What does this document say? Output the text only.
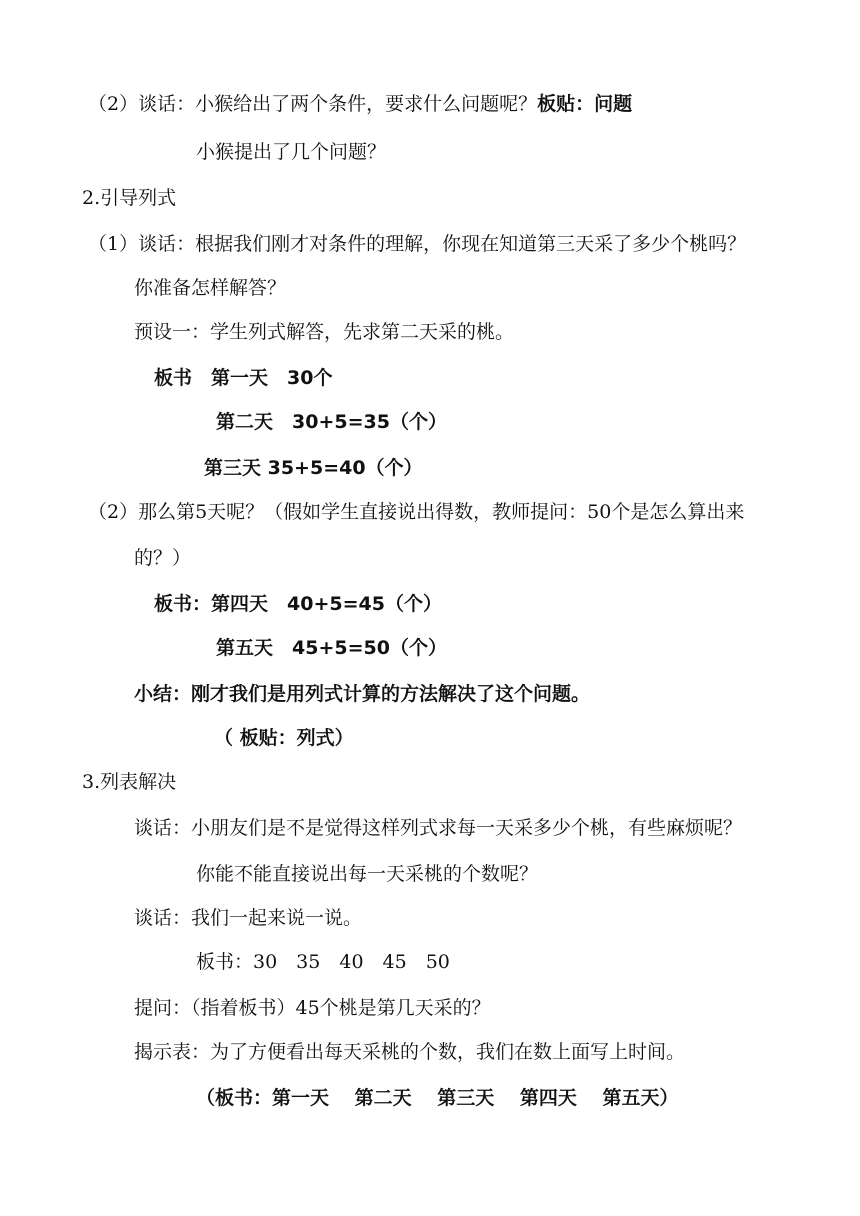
（2）谈话：小猴给出了两个条件，要求什么问题呢？板贴：问题
小猴提出了几个问题？
2.引导列式
（1）谈话：根据我们刚才对条件的理解，你现在知道第三天采了多少个桃吗？
你准备怎样解答？
预设一：学生列式解答，先求第二天采的桃。
板书　第一天　30个
第二天　30+5=35（个）
第三天 35+5=40（个）
（2）那么第5天呢？（假如学生直接说出得数，教师提问：50个是怎么算出来
的？）
板书：第四天　40+5=45（个）
第五天　45+5=50（个）
小结：刚才我们是用列式计算的方法解决了这个问题。
（ 板贴：列式）
3.列表解决
谈话：小朋友们是不是觉得这样列式求每一天采多少个桃，有些麻烦呢？
你能不能直接说出每一天采桃的个数呢？
谈话：我们一起来说一说。
板书：30　35　40　45　50
提问：（指着板书）45个桃是第几天采的？
揭示表：为了方便看出每天采桃的个数，我们在数上面写上时间。
（板书：第一天　 第二天　 第三天　 第四天　 第五天）
